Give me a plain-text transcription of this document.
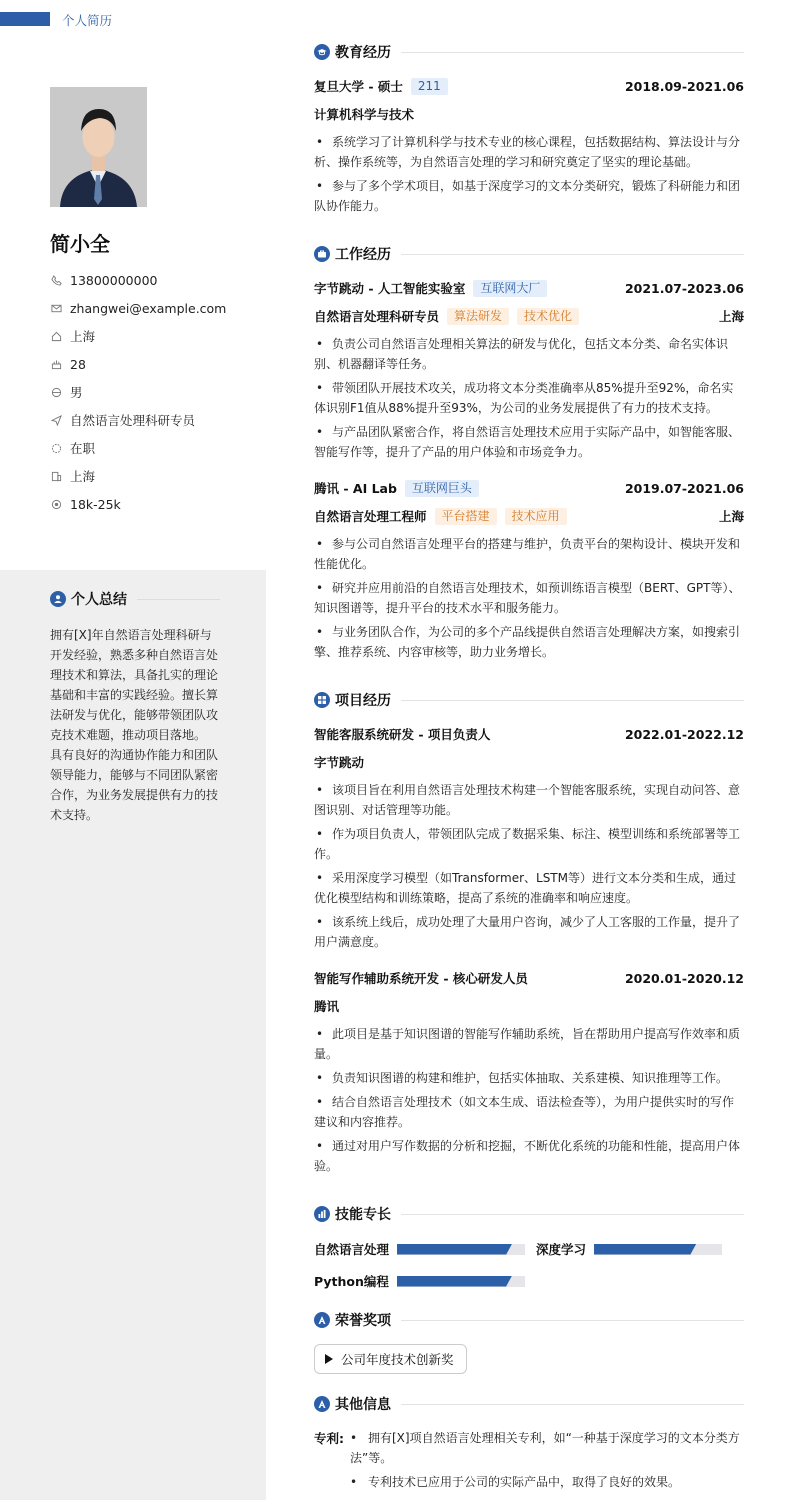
个人简历
简小全
13800000000
zhangwei@example.com
上海
28
男
自然语言处理科研专员
在职
上海
18k-25k
个人总结
拥有[X]年自然语言处理科研与开发经验，熟悉多种自然语言处理技术和算法，具备扎实的理论基础和丰富的实践经验。擅长算法研发与优化，能够带领团队攻克技术难题，推动项目落地。 具有良好的沟通协作能力和团队领导能力，能够与不同团队紧密合作，为业务发展提供有力的技术支持。
教育经历
复旦大学 - 硕士	211	2018.09-2021.06
计算机科学与技术

• 系统学习了计算机科学与技术专业的核心课程，包括数据结构、算法设计与分析、操作系统等，为自然语言处理的学习和研究奠定了坚实的理论基础。

• 参与了多个学术项目，如基于深度学习的文本分类研究，锻炼了科研能力和团队协作能力。

工作经历
字节跳动 - 人工智能实验室	互联网大厂	2021.07-2023.06
自然语言处理科研专员	算法研发	技术优化	上海

• 负责公司自然语言处理相关算法的研发与优化，包括文本分类、命名实体识别、机器翻译等任务。

• 带领团队开展技术攻关，成功将文本分类准确率从85%提升至92%，命名实体识别F1值从88%提升至93%，为公司的业务发展提供了有力的技术支持。

• 与产品团队紧密合作，将自然语言处理技术应用于实际产品中，如智能客服、智能写作等，提升了产品的用户体验和市场竞争力。

腾讯 - AI Lab	互联网巨头	2019.07-2021.06
自然语言处理工程师	平台搭建	技术应用	上海

• 参与公司自然语言处理平台的搭建与维护，负责平台的架构设计、模块开发和性能优化。

• 研究并应用前沿的自然语言处理技术，如预训练语言模型（BERT、GPT等）、知识图谱等，提升平台的技术水平和服务能力。

• 与业务团队合作，为公司的多个产品线提供自然语言处理解决方案，如搜索引擎、推荐系统、内容审核等，助力业务增长。

项目经历
智能客服系统研发 - 项目负责人	2022.01-2022.12
字节跳动

• 该项目旨在利用自然语言处理技术构建一个智能客服系统，实现自动问答、意图识别、对话管理等功能。

• 作为项目负责人，带领团队完成了数据采集、标注、模型训练和系统部署等工作。

• 采用深度学习模型（如Transformer、LSTM等）进行文本分类和生成，通过优化模型结构和训练策略，提高了系统的准确率和响应速度。

• 该系统上线后，成功处理了大量用户咨询，减少了人工客服的工作量，提升了用户满意度。

智能写作辅助系统开发 - 核心研发人员	2020.01-2020.12
腾讯

• 此项目是基于知识图谱的智能写作辅助系统，旨在帮助用户提高写作效率和质量。

• 负责知识图谱的构建和维护，包括实体抽取、关系建模、知识推理等工作。

• 结合自然语言处理技术（如文本生成、语法检查等），为用户提供实时的写作建议和内容推荐。

• 通过对用户写作数据的分析和挖掘，不断优化系统的功能和性能，提高用户体验。

技能专长
自然语言处理	深度学习
Python编程
荣誉奖项
公司年度技术创新奖
其他信息
专利:

•	拥有[X]项自然语言处理相关专利，如“一种基于深度学习的文本分类方法”等。

• 专利技术已应用于公司的实际产品中，取得了良好的效果。
